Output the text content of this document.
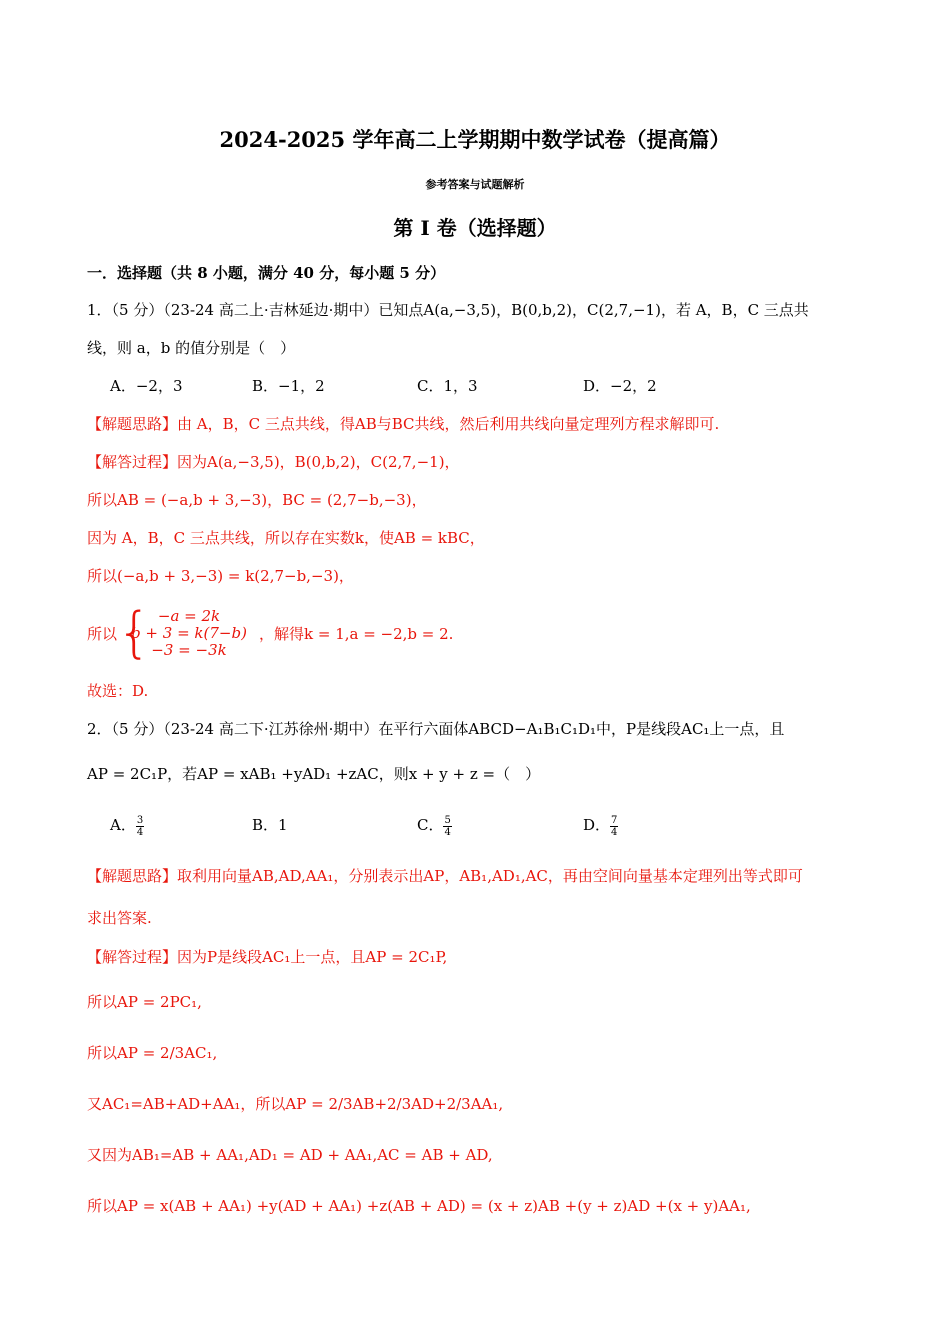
2024-2025 学年高二上学期期中数学试卷（提高篇）
参考答案与试题解析
第 I 卷（选择题）
一．选择题（共 8 小题，满分 40 分，每小题 5 分）
1．（5 分）（23-24 高二上·吉林延边·期中）已知点A(a,−3,5)，B(0,b,2)，C(2,7,−1)，若 A，B，C 三点共
线，则 a，b 的值分别是（　）
A．−2，3	B．−1，2	C．1，3	D．−2，2
【解题思路】由 A，B，C 三点共线，得AB与BC共线，然后利用共线向量定理列方程求解即可.
【解答过程】因为A(a,−3,5)，B(0,b,2)，C(2,7,−1)，
所以AB = (−a,b + 3,−3)，BC = (2,7−b,−3)，
因为 A，B，C 三点共线，所以存在实数k，使AB = kBC，
所以(−a,b + 3,−3) = k(2,7−b,−3)，
所以 { −a = 2k
b + 3 = k(7−b)
−3 = −3k
，解得k = 1,a = −2,b = 2.
故选：D.
2．（5 分）（23-24 高二下·江苏徐州·期中）在平行六面体ABCD−A₁B₁C₁D₁中，P是线段AC₁上一点，且
AP = 2C₁P，若AP = xAB₁ +yAD₁ +zAC，则x + y + z =（　）
A． $\frac{3}{4}$	B．1	C． $\frac{5}{4}$	D． $\frac{7}{4}$
【解题思路】取利用向量AB,AD,AA₁，分别表示出AP，AB₁,AD₁,AC，再由空间向量基本定理列出等式即可
求出答案.
【解答过程】因为P是线段AC₁上一点，且AP = 2C₁P,
所以AP = 2PC₁,
所以AP = 2/3AC₁,
又AC₁=AB+AD+AA₁，所以AP = 2/3AB+2/3AD+2/3AA₁,
又因为AB₁=AB + AA₁,AD₁ = AD + AA₁,AC = AB + AD,
所以AP = x(AB + AA₁) +y(AD + AA₁) +z(AB + AD) = (x + z)AB +(y + z)AD +(x + y)AA₁,
